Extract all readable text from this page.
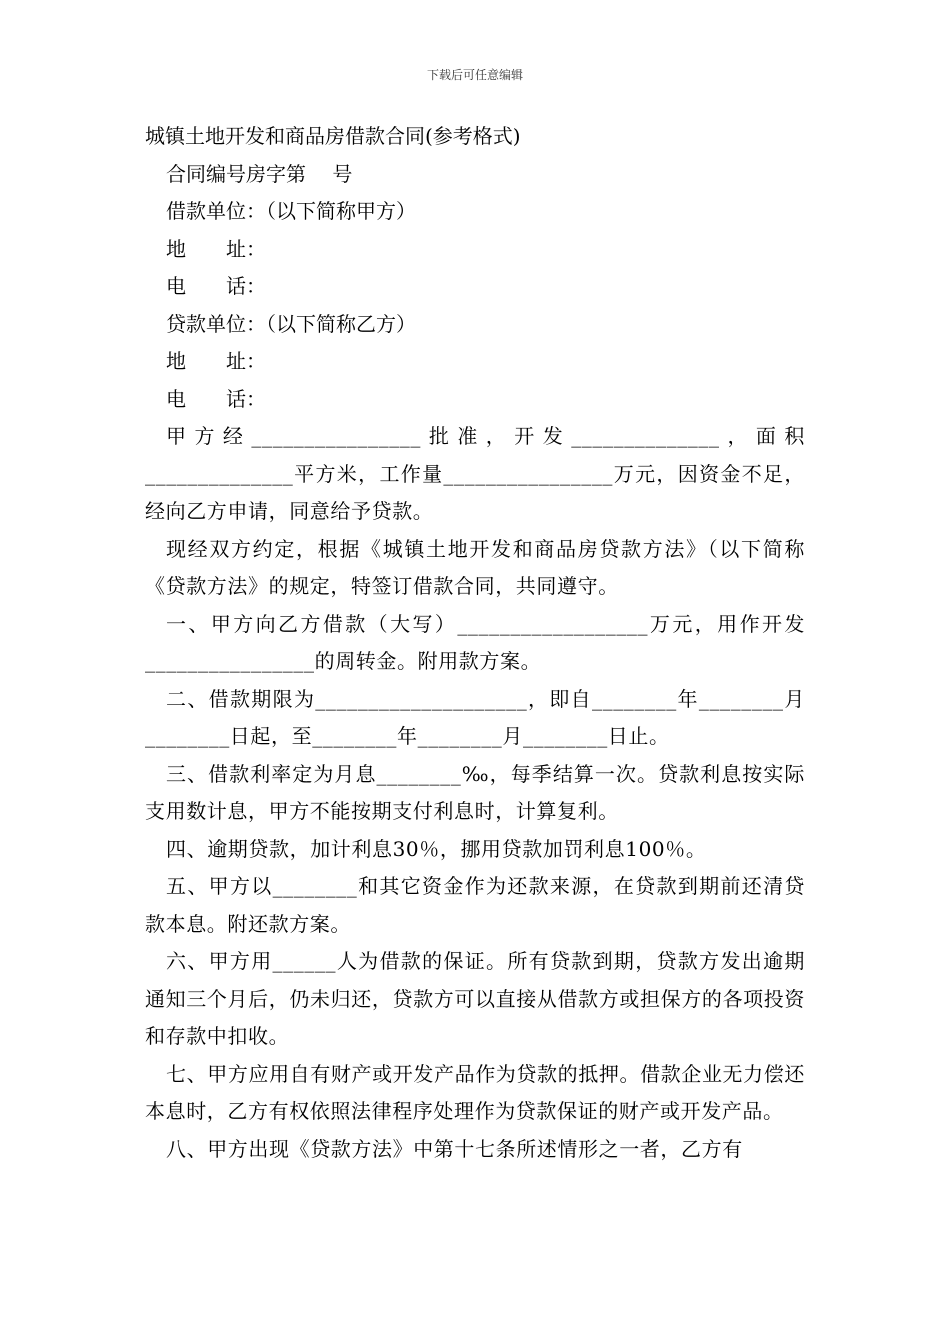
下载后可任意编辑
城镇土地开发和商品房借款合同(参考格式)

合同编号房字第　 号

借款单位：（以下简称甲方）

地　　址：

电　　话：

贷款单位：（以下简称乙方）

地　　址：

电　　话：

甲方经________________批准，开发______________，面积______________平方米，工作量________________万元，因资金不足，经向乙方申请，同意给予贷款。

现经双方约定，根据《城镇土地开发和商品房贷款方法》（以下简称《贷款方法》的规定，特签订借款合同，共同遵守。

一、甲方向乙方借款（大写）__________________万元，用作开发________________的周转金。附用款方案。

二、借款期限为____________________，即自________年________月________日起，至________年________月________日止。

三、借款利率定为月息________‰，每季结算一次。贷款利息按实际支用数计息，甲方不能按期支付利息时，计算复利。

四、逾期贷款，加计利息30％，挪用贷款加罚利息100％。

五、甲方以________和其它资金作为还款来源，在贷款到期前还清贷款本息。附还款方案。

六、甲方用______人为借款的保证。所有贷款到期，贷款方发出逾期通知三个月后，仍未归还，贷款方可以直接从借款方或担保方的各项投资和存款中扣收。

七、甲方应用自有财产或开发产品作为贷款的抵押。借款企业无力偿还本息时，乙方有权依照法律程序处理作为贷款保证的财产或开发产品。

八、甲方出现《贷款方法》中第十七条所述情形之一者，乙方有
